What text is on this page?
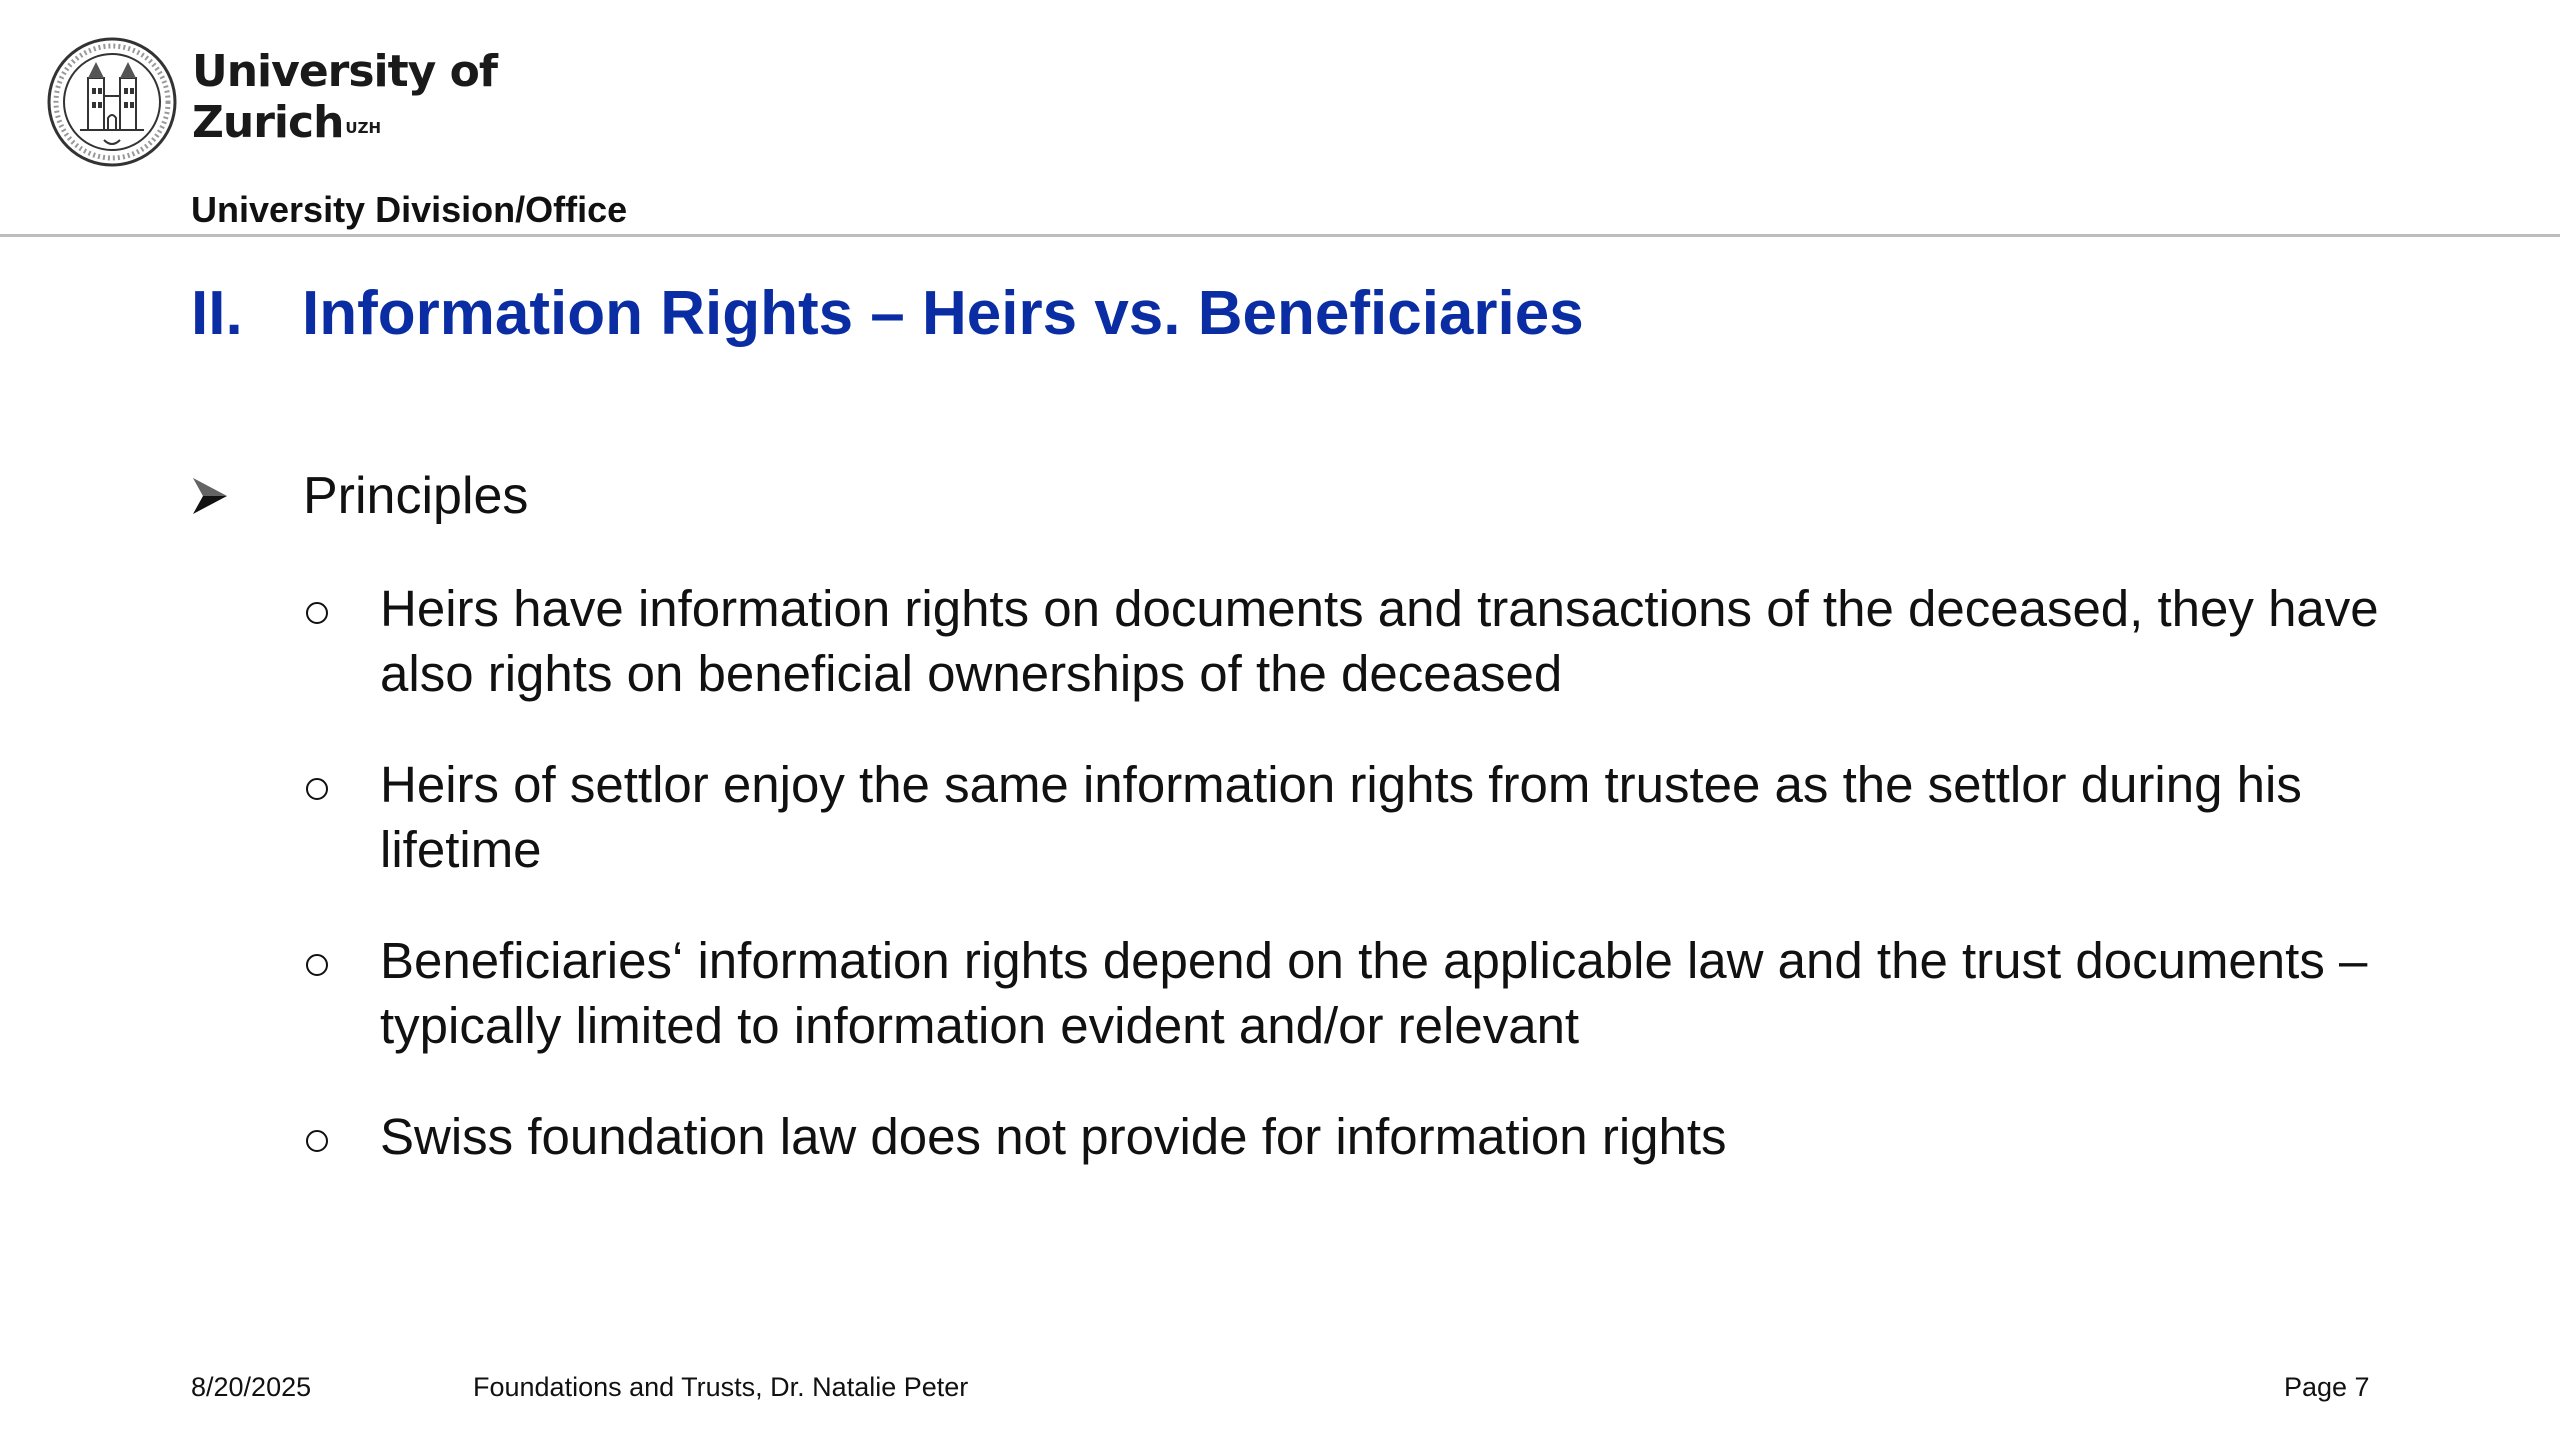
University of
Zurich $^{UZH}$
University Division/Office
II. Information Rights – Heirs vs. Beneficiaries
Principles
Heirs have information rights on documents and transactions of the deceased, they have also rights on beneficial ownerships of the deceased
Heirs of settlor enjoy the same information rights from trustee as the settlor during his lifetime
Beneficiaries‘ information rights depend on the applicable law and the trust documents – typically limited to information evident and/or relevant
Swiss foundation law does not provide for information rights
8/20/2025	Foundations and Trusts, Dr. Natalie Peter	Page 7
